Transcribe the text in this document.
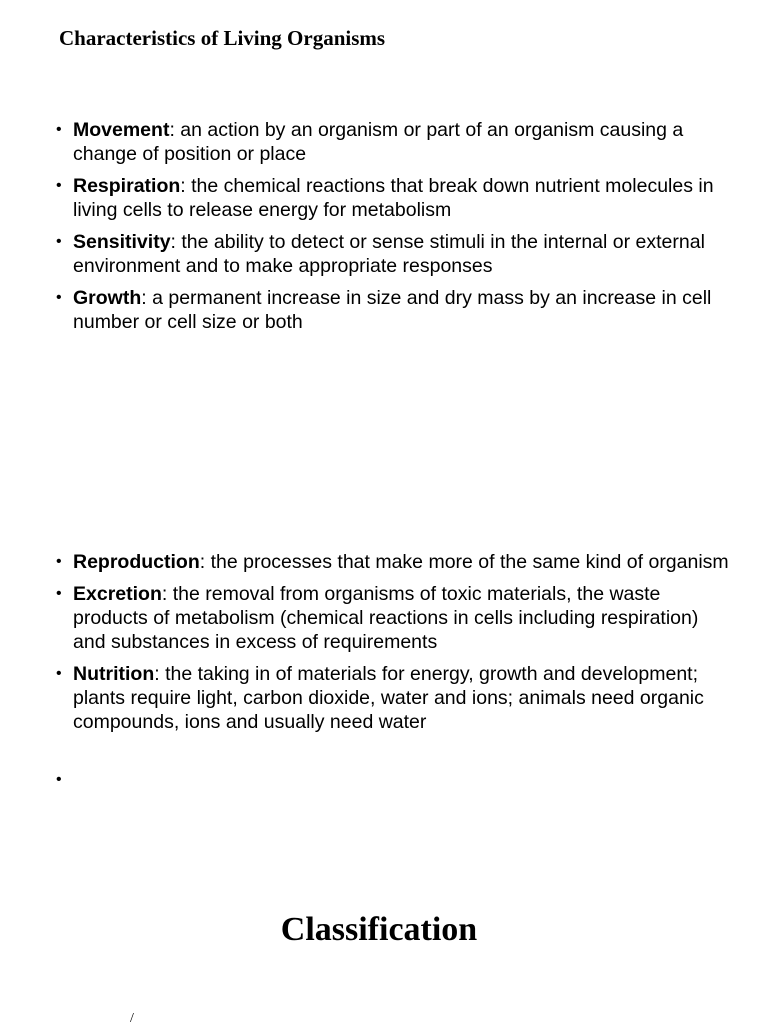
Characteristics of Living Organisms
• Movement: an action by an organism or part of an organism causing a change of position or place
• Respiration: the chemical reactions that break down nutrient molecules in living cells to release energy for metabolism
• Sensitivity: the ability to detect or sense stimuli in the internal or external environment and to make appropriate responses
• Growth: a permanent increase in size and dry mass by an increase in cell number or cell size or both
• Reproduction: the processes that make more of the same kind of organism
• Excretion: the removal from organisms of toxic materials, the waste products of metabolism (chemical reactions in cells including respiration) and substances in excess of requirements
• Nutrition: the taking in of materials for energy, growth and development; plants require light, carbon dioxide, water and ions; animals need organic compounds, ions and usually need water
•
Classification
/
